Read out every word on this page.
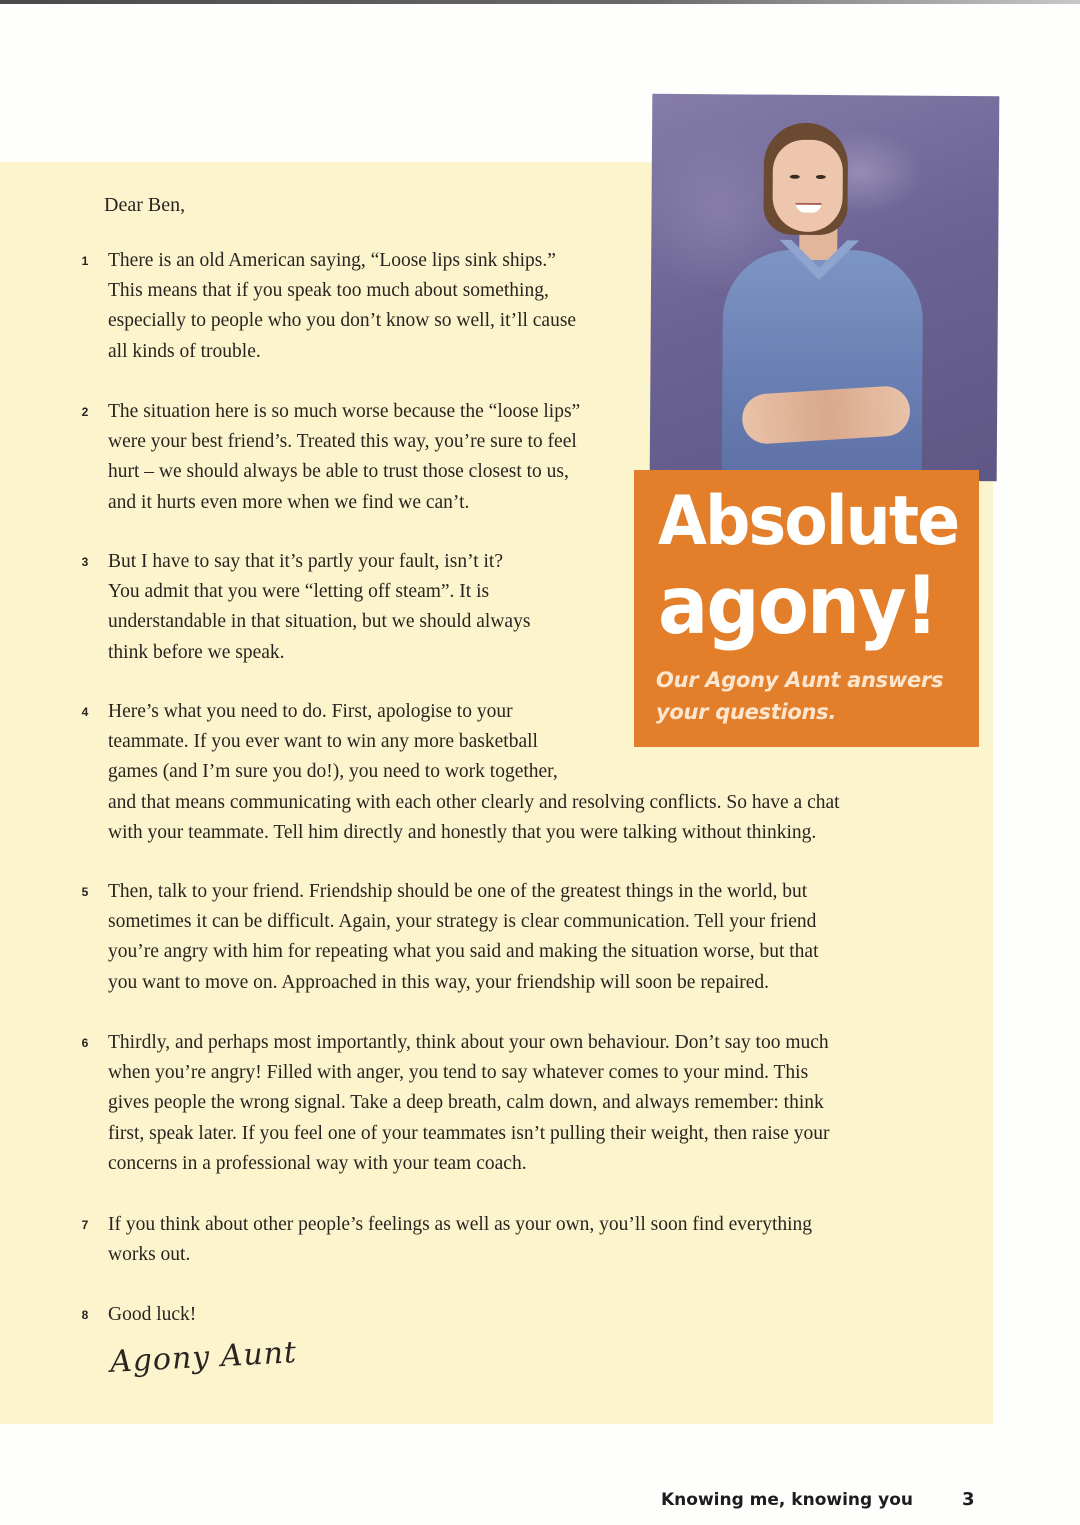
Absolute
agony!
Our Agony Aunt answers
your questions.
Dear Ben,
1 There is an old American saying, “Loose lips sink ships.”
This means that if you speak too much about something,
especially to people who you don’t know so well, it’ll cause
all kinds of trouble.
2 The situation here is so much worse because the “loose lips”
were your best friend’s. Treated this way, you’re sure to feel
hurt – we should always be able to trust those closest to us,
and it hurts even more when we find we can’t.
3 But I have to say that it’s partly your fault, isn’t it?
You admit that you were “letting off steam”. It is
understandable in that situation, but we should always
think before we speak.
4 Here’s what you need to do. First, apologise to your
teammate. If you ever want to win any more basketball
games (and I’m sure you do!), you need to work together,
and that means communicating with each other clearly and resolving conflicts. So have a chat
with your teammate. Tell him directly and honestly that you were talking without thinking.
5 Then, talk to your friend. Friendship should be one of the greatest things in the world, but
sometimes it can be difficult. Again, your strategy is clear communication. Tell your friend
you’re angry with him for repeating what you said and making the situation worse, but that
you want to move on. Approached in this way, your friendship will soon be repaired.
6 Thirdly, and perhaps most importantly, think about your own behaviour. Don’t say too much
when you’re angry! Filled with anger, you tend to say whatever comes to your mind. This
gives people the wrong signal. Take a deep breath, calm down, and always remember: think
first, speak later. If you feel one of your teammates isn’t pulling their weight, then raise your
concerns in a professional way with your team coach.
7 If you think about other people’s feelings as well as your own, you’ll soon find everything
works out.
8 Good luck!
Agony Aunt
Knowing me, knowing you	3
